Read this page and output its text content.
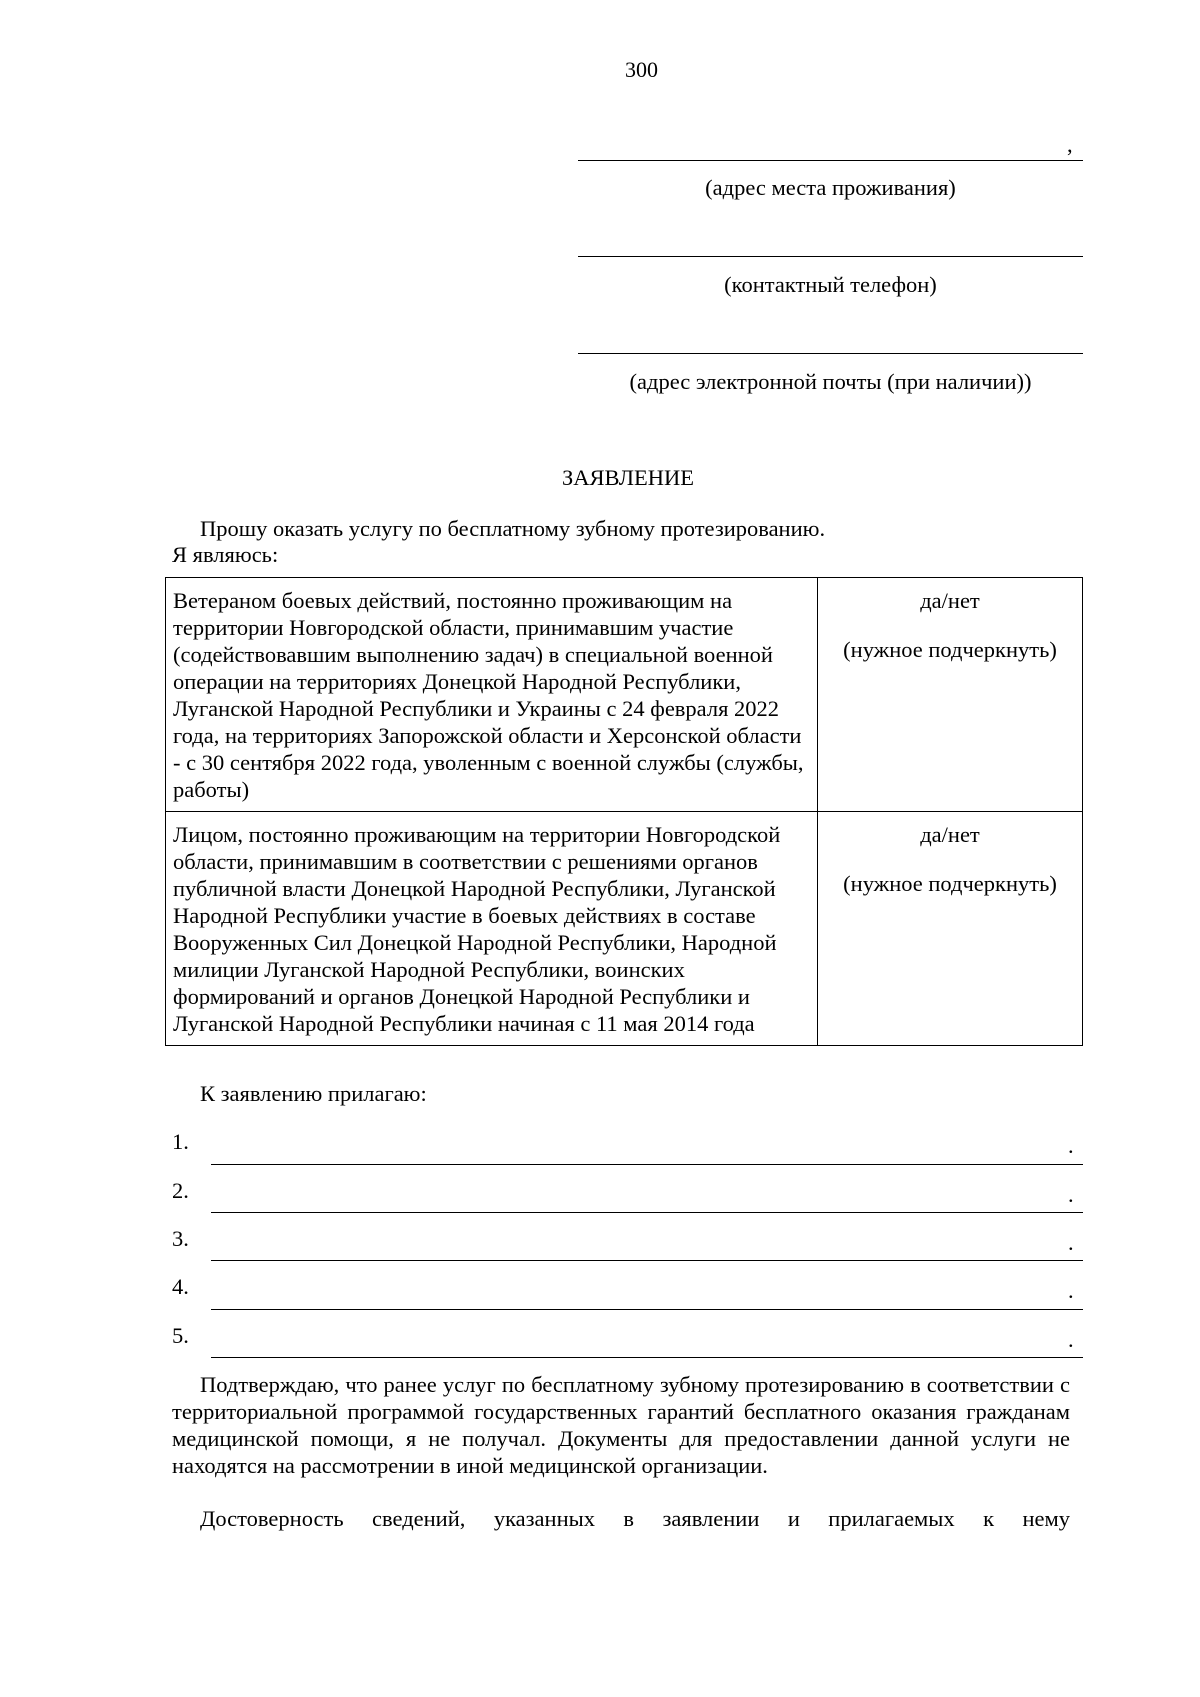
300
,
(адрес места проживания)
(контактный телефон)
(адрес электронной почты (при наличии))
ЗАЯВЛЕНИЕ
Прошу оказать услугу по бесплатному зубному протезированию.
Я являюсь:
Ветераном боевых действий, постоянно проживающим на территории Новгородской области, принимавшим участие (содействовавшим выполнению задач) в специальной военной операции на территориях Донецкой Народной Республики, Луганской Народной Республики и Украины с 24 февраля 2022 года, на территориях Запорожской области и Херсонской области - с 30 сентября 2022 года, уволенным с военной службы (службы, работы)	да/нет
(нужное подчеркнуть)

Лицом, постоянно проживающим на территории Новгородской области, принимавшим в соответствии с решениями органов публичной власти Донецкой Народной Республики, Луганской Народной Республики участие в боевых действиях в составе Вооруженных Сил Донецкой Народной Республики, Народной милиции Луганской Народной Республики, воинских формирований и органов Донецкой Народной Республики и Луганской Народной Республики начиная с 11 мая 2014 года	да/нет
(нужное подчеркнуть)
К заявлению прилагаю:
1.	.
2.	.
3.	.
4.	.
5.	.
Подтверждаю, что ранее услуг по бесплатному зубному протезированию в соответствии с территориальной программой государственных гарантий бесплатного оказания гражданам медицинской помощи, я не получал. Документы для предоставлении данной услуги не находятся на рассмотрении в иной медицинской организации.
Достоверность сведений, указанных в заявлении и прилагаемых к нему
